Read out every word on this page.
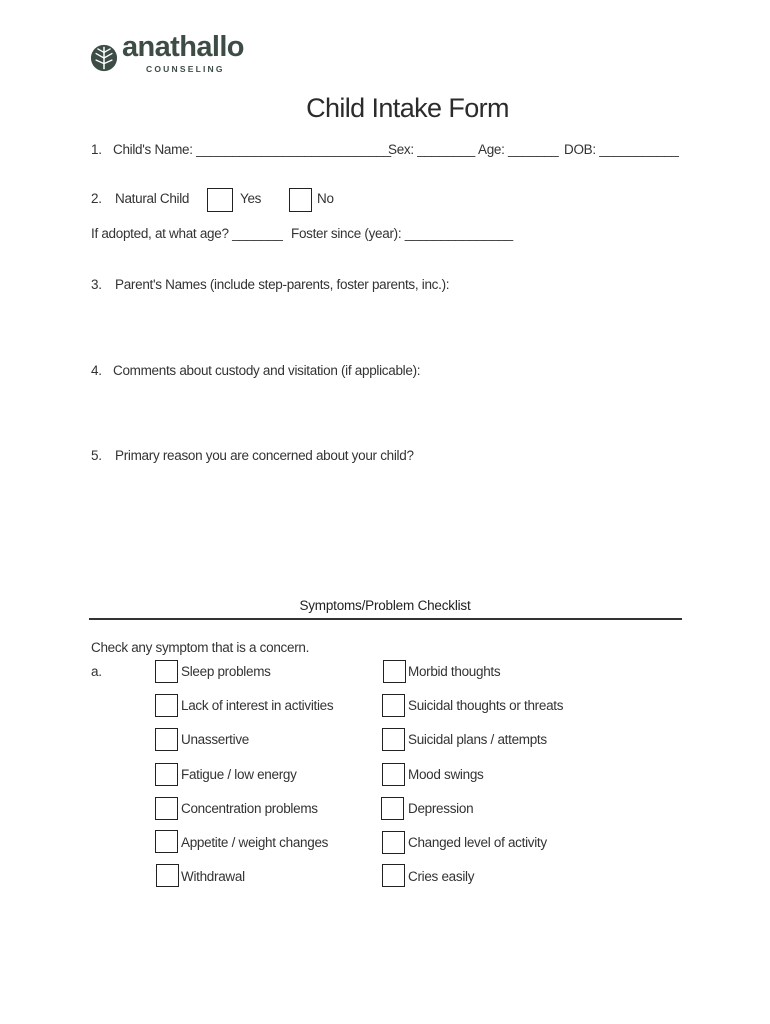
anathallo
COUNSELING
Child Intake Form
1. Child's Name: ___________________________
Sex: ________ Age: _______ DOB: ___________
2. Natural Child	Yes	No
If adopted, at what age? _______ Foster since (year): _______________
3. Parent's Names (include step-parents, foster parents, inc.):
4. Comments about custody and visitation (if applicable):
5. Primary reason you are concerned about your child?
Symptoms/Problem Checklist
Check any symptom that is a concern.
a.	Sleep problems	Morbid thoughts
Lack of interest in activities	Suicidal thoughts or threats
Unassertive	Suicidal plans / attempts
Fatigue / low energy	Mood swings
Concentration problems	Depression
Appetite / weight changes	Changed level of activity
Withdrawal	Cries easily
